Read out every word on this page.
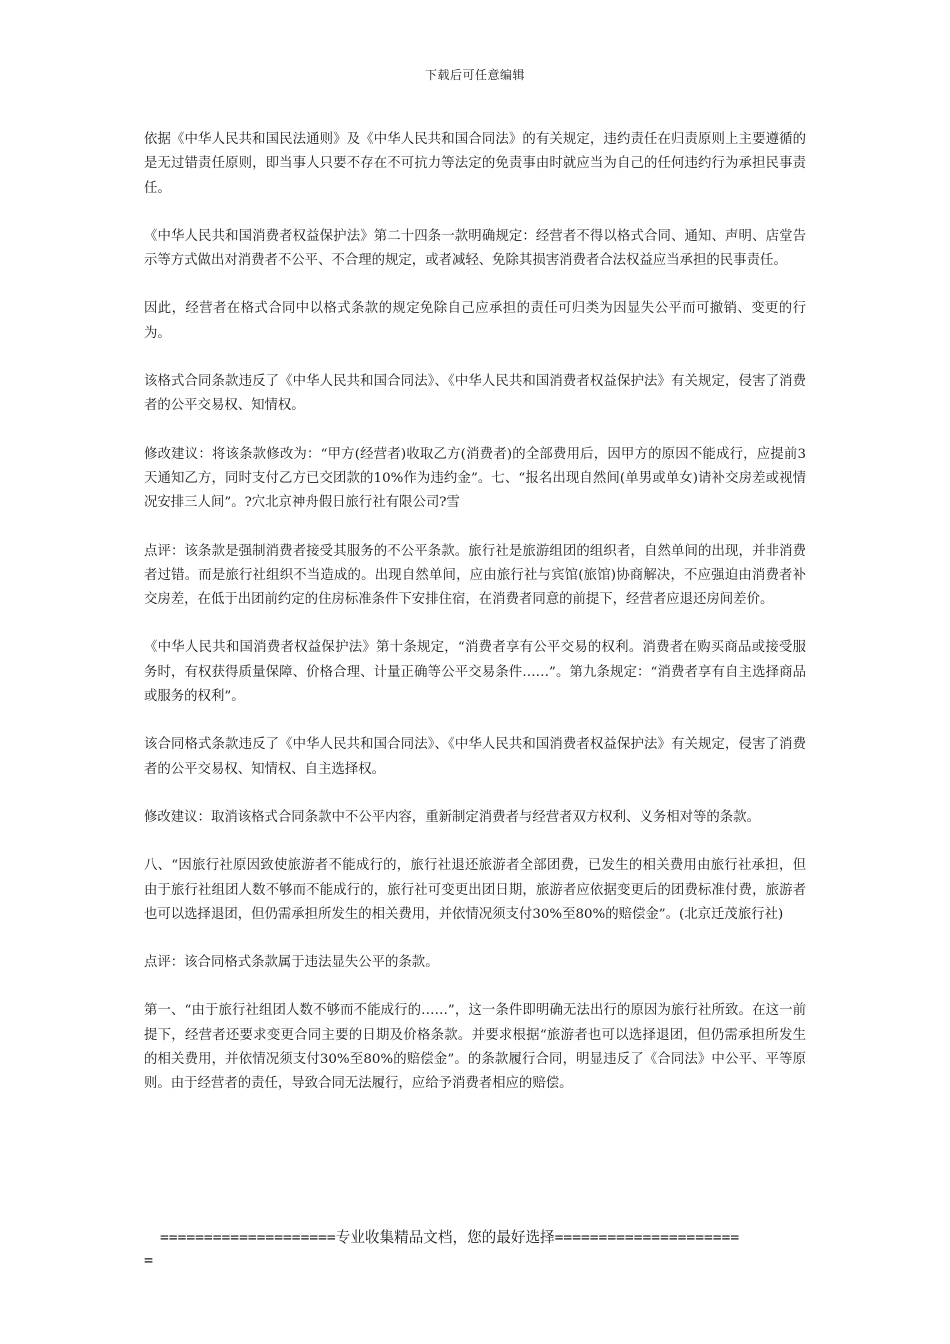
下载后可任意编辑

依据《中华人民共和国民法通则》及《中华人民共和国合同法》的有关规定，违约责任在归责原则上主要遵循的是无过错责任原则，即当事人只要不存在不可抗力等法定的免责事由时就应当为自己的任何违约行为承担民事责任。

《中华人民共和国消费者权益保护法》第二十四条一款明确规定：经营者不得以格式合同、通知、声明、店堂告示等方式做出对消费者不公平、不合理的规定，或者减轻、免除其损害消费者合法权益应当承担的民事责任。

因此，经营者在格式合同中以格式条款的规定免除自己应承担的责任可归类为因显失公平而可撤销、变更的行为。

该格式合同条款违反了《中华人民共和国合同法》、《中华人民共和国消费者权益保护法》有关规定，侵害了消费者的公平交易权、知情权。

修改建议：将该条款修改为：“甲方(经营者)收取乙方(消费者)的全部费用后，因甲方的原因不能成行，应提前3天通知乙方，同时支付乙方已交团款的10%作为违约金”。七、“报名出现自然间(单男或单女)请补交房差或视情况安排三人间”。?穴北京神舟假日旅行社有限公司?雪

点评：该条款是强制消费者接受其服务的不公平条款。旅行社是旅游组团的组织者，自然单间的出现，并非消费者过错。而是旅行社组织不当造成的。出现自然单间，应由旅行社与宾馆(旅馆)协商解决，不应强迫由消费者补交房差，在低于出团前约定的住房标准条件下安排住宿，在消费者同意的前提下，经营者应退还房间差价。

《中华人民共和国消费者权益保护法》第十条规定，“消费者享有公平交易的权利。消费者在购买商品或接受服务时，有权获得质量保障、价格合理、计量正确等公平交易条件……”。第九条规定：“消费者享有自主选择商品或服务的权利”。

该合同格式条款违反了《中华人民共和国合同法》、《中华人民共和国消费者权益保护法》有关规定，侵害了消费者的公平交易权、知情权、自主选择权。

修改建议：取消该格式合同条款中不公平内容，重新制定消费者与经营者双方权利、义务相对等的条款。

八、“因旅行社原因致使旅游者不能成行的，旅行社退还旅游者全部团费，已发生的相关费用由旅行社承担，但由于旅行社组团人数不够而不能成行的，旅行社可变更出团日期，旅游者应依据变更后的团费标准付费，旅游者也可以选择退团，但仍需承担所发生的相关费用，并依情况须支付30%至80%的赔偿金”。(北京迁茂旅行社)

点评：该合同格式条款属于违法显失公平的条款。

第一、“由于旅行社组团人数不够而不能成行的……”，这一条件即明确无法出行的原因为旅行社所致。在这一前提下，经营者还要求变更合同主要的日期及价格条款。并要求根据“旅游者也可以选择退团，但仍需承担所发生的相关费用，并依情况须支付30%至80%的赔偿金”。的条款履行合同，明显违反了《合同法》中公平、平等原则。由于经营者的责任，导致合同无法履行，应给予消费者相应的赔偿。

====================专业收集精品文档，您的最好选择=====================
=
